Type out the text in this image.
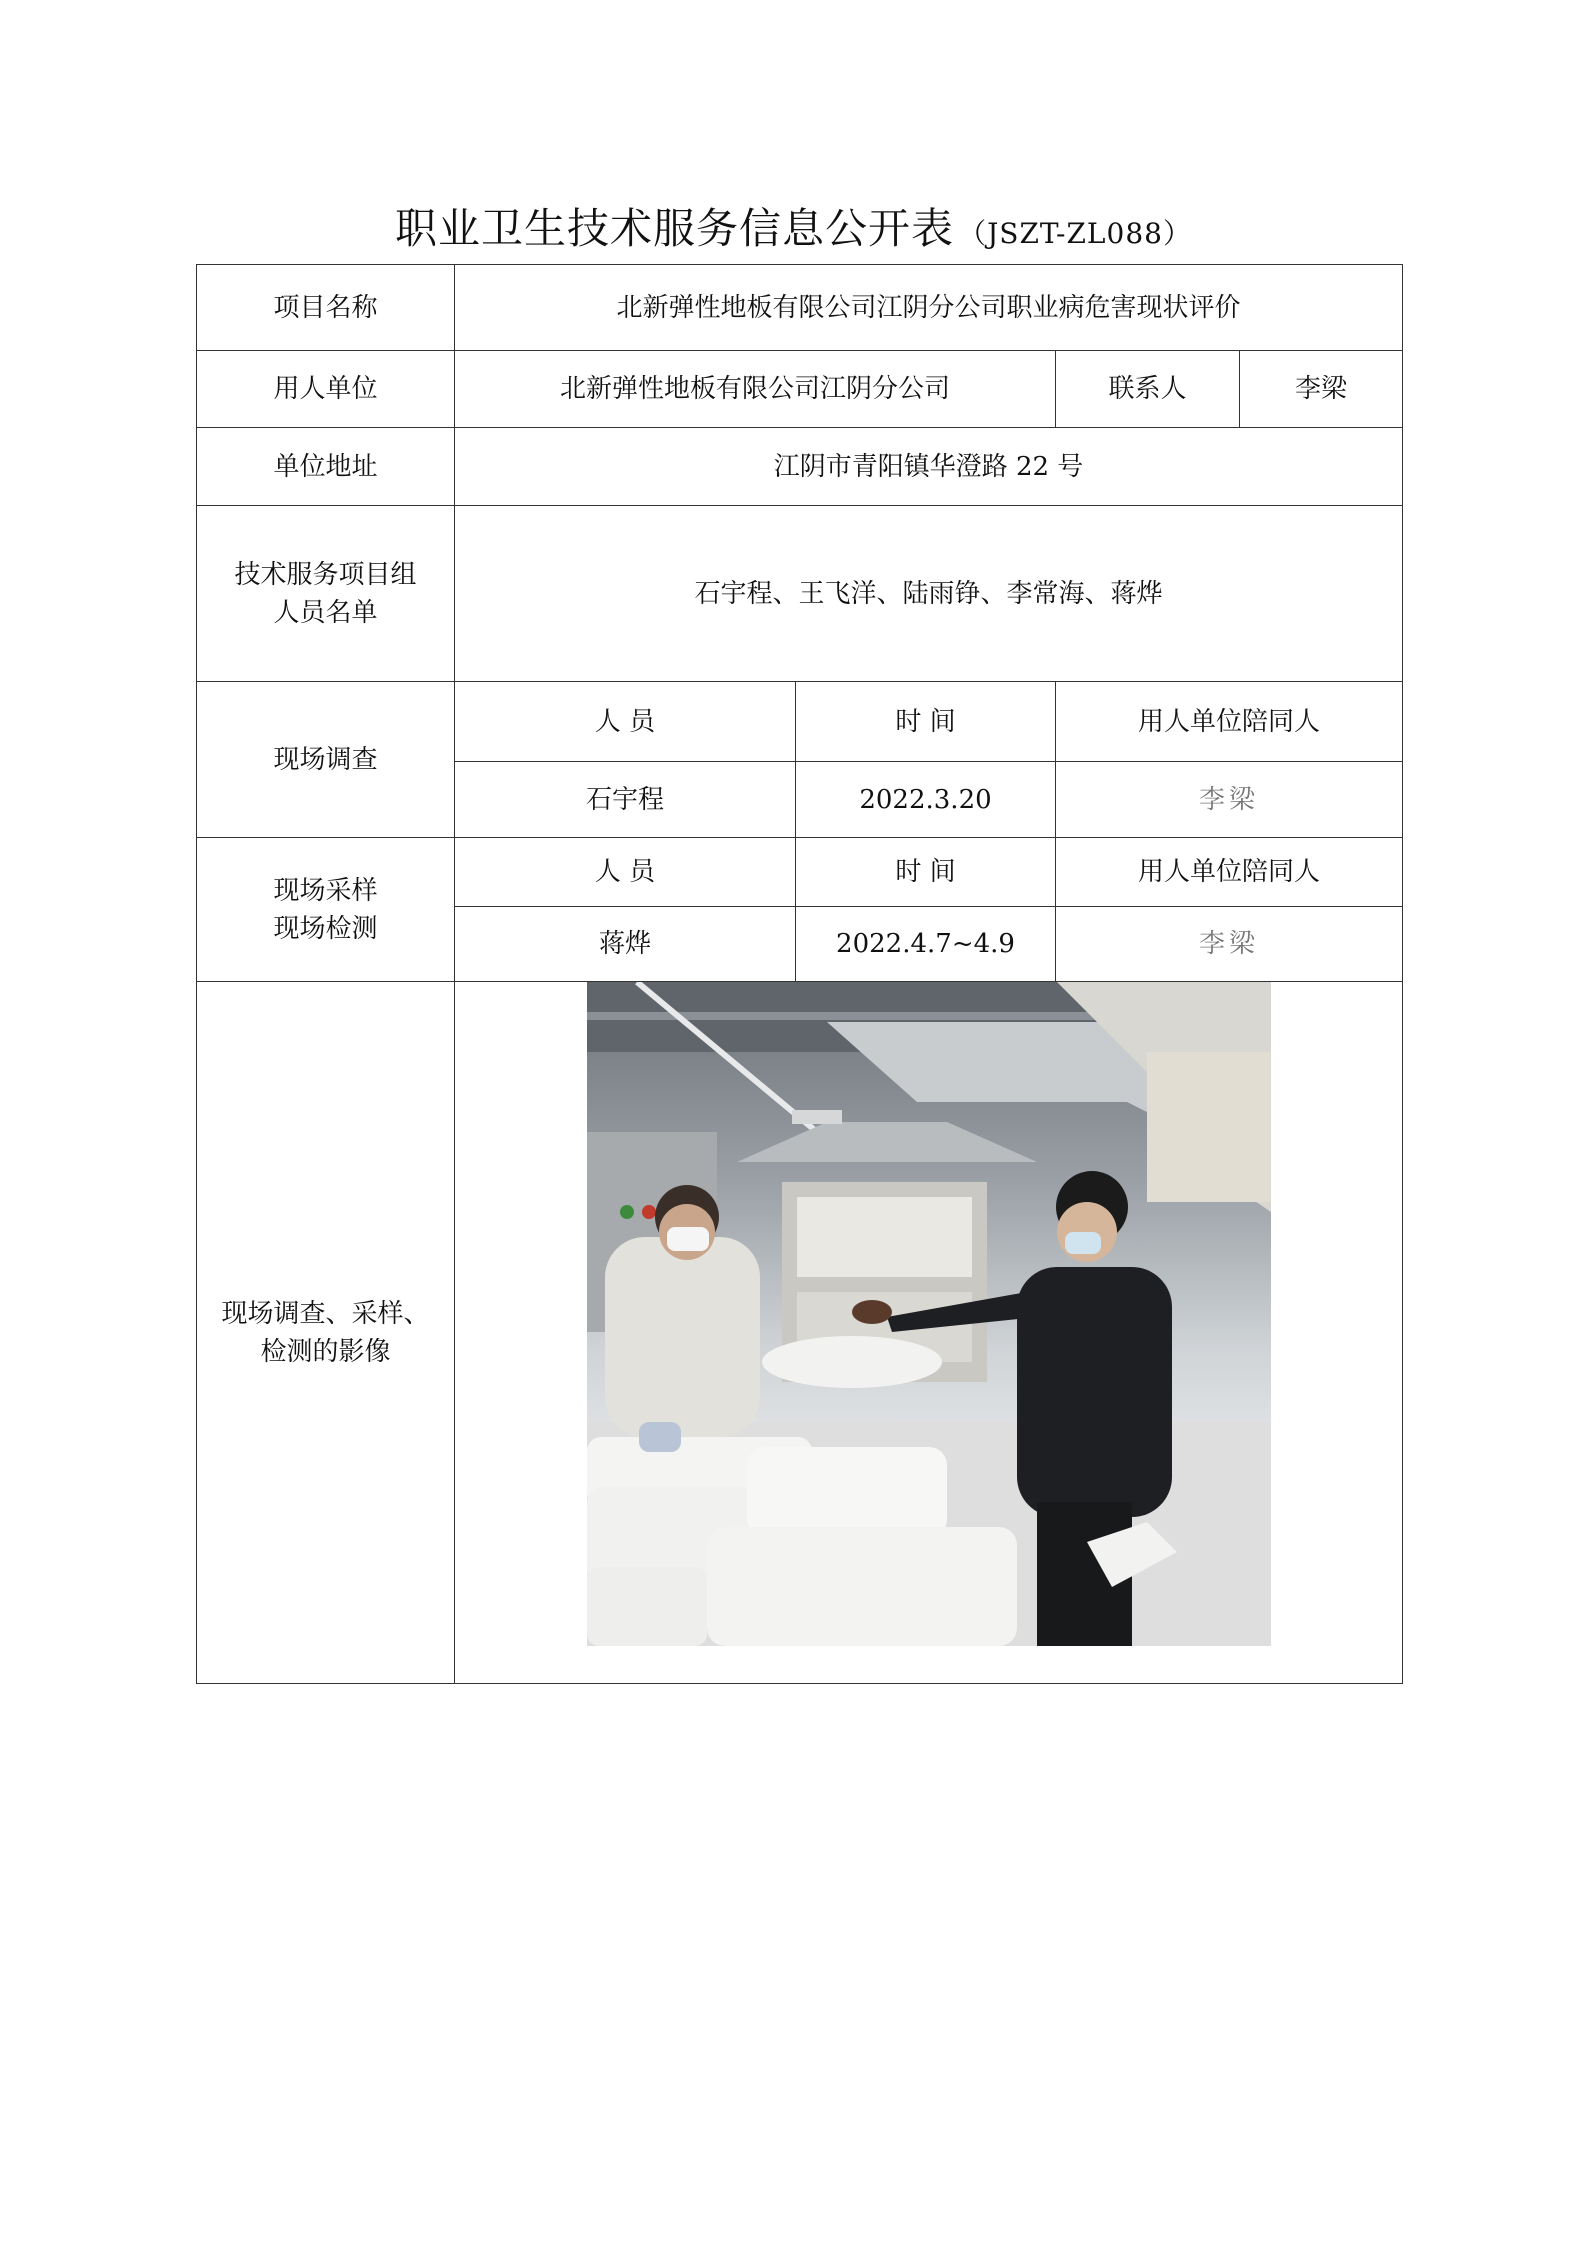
职业卫生技术服务信息公开表 （JSZT-ZL088）
项目名称	北新弹性地板有限公司江阴分公司职业病危害现状评价			
用人单位	北新弹性地板有限公司江阴分公司		联系人	李梁
单位地址	江阴市青阳镇华澄路 22 号			

技术服务项目组
人员名单	石宇程、王飞洋、陆雨铮、李常海、蒋烨			
现场调查	人 员	时 间	用人单位陪同人	
	石宇程	2022.3.20	李梁	

现场采样
现场检测	人 员	时 间	用人单位陪同人	
	蒋烨	2022.4.7~4.9	李梁	

现场调查、采样、
检测的影像
